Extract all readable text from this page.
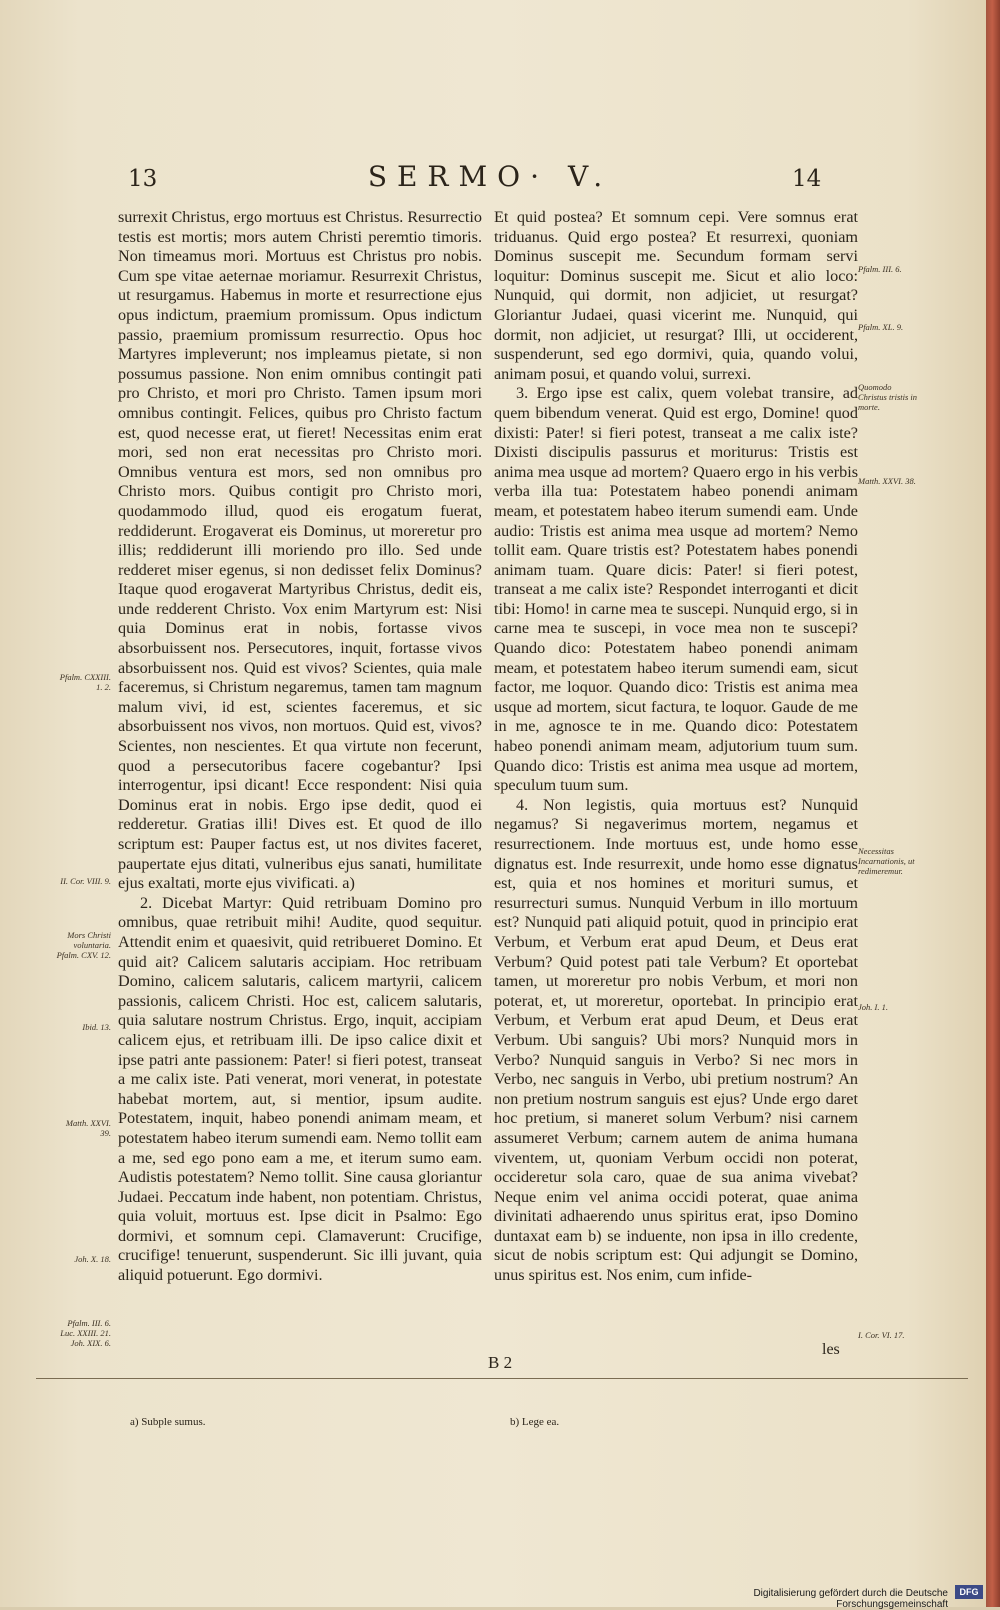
13	SERMO· V.	14

surrexit Christus, ergo mortuus est Christus. Resurrectio testis est mortis; mors autem Christi peremtio timoris. Non timeamus mori. Mortuus est Christus pro nobis. Cum spe vitae aeternae moriamur. Resurrexit Christus, ut resurgamus. Habemus in morte et resurrectione ejus opus indictum, praemium promissum. Opus indictum passio, praemium promissum resurrectio. Opus hoc Martyres impleverunt; nos impleamus pietate, si non possumus passione. Non enim omnibus contingit pati pro Christo, et mori pro Christo. Tamen ipsum mori omnibus contingit. Felices, quibus pro Christo factum est, quod necesse erat, ut fieret! Necessitas enim erat mori, sed non erat necessitas pro Christo mori. Omnibus ventura est mors, sed non omnibus pro Christo mors. Quibus contigit pro Christo mori, quodammodo illud, quod eis erogatum fuerat, reddiderunt. Erogaverat eis Dominus, ut moreretur pro illis; reddiderunt illi moriendo pro illo. Sed unde redderet miser egenus, si non dedisset felix Dominus? Itaque quod erogaverat Martyribus Christus, dedit eis, unde redderent Christo. Vox enim Martyrum est: Nisi quia Dominus erat in nobis, fortasse vivos absorbuissent nos. Persecutores, inquit, fortasse vivos absorbuissent nos. Quid est vivos? Scientes, quia male faceremus, si Christum negaremus, tamen tam magnum malum vivi, id est, scientes faceremus, et sic absorbuissent nos vivos, non mortuos. Quid est, vivos? Scientes, non nescientes. Et qua virtute non fecerunt, quod a persecutoribus facere cogebantur? Ipsi interrogentur, ipsi dicant! Ecce respondent: Nisi quia Dominus erat in nobis. Ergo ipse dedit, quod ei redderetur. Gratias illi! Dives est. Et quod de illo scriptum est: Pauper factus est, ut nos divites faceret, paupertate ejus ditati, vulneribus ejus sanati, humilitate ejus exaltati, morte ejus vivificati. a)

2. Dicebat Martyr: Quid retribuam Domino pro omnibus, quae retribuit mihi! Audite, quod sequitur. Attendit enim et quaesivit, quid retribueret Domino. Et quid ait? Calicem salutaris accipiam. Hoc retribuam Domino, calicem salutaris, calicem martyrii, calicem passionis, calicem Christi. Hoc est, calicem salutaris, quia salutare nostrum Christus. Ergo, inquit, accipiam calicem ejus, et retribuam illi. De ipso calice dixit et ipse patri ante passionem: Pater! si fieri potest, transeat a me calix iste. Pati venerat, mori venerat, in potestate habebat mortem, aut, si mentior, ipsum audite. Potestatem, inquit, habeo ponendi animam meam, et potestatem habeo iterum sumendi eam. Nemo tollit eam a me, sed ego pono eam a me, et iterum sumo eam. Audistis potestatem? Nemo tollit. Sine causa gloriantur Judaei. Peccatum inde habent, non potentiam. Christus, quia voluit, mortuus est. Ipse dicit in Psalmo: Ego dormivi, et somnum cepi. Clamaverunt: Crucifige, crucifige! tenuerunt, suspenderunt. Sic illi juvant, quia aliquid potuerunt. Ego dormivi.

Et quid postea? Et somnum cepi. Vere somnus erat triduanus. Quid ergo postea? Et resurrexi, quoniam Dominus suscepit me. Secundum formam servi loquitur: Dominus suscepit me. Sicut et alio loco: Nunquid, qui dormit, non adjiciet, ut resurgat? Gloriantur Judaei, quasi vicerint me. Nunquid, qui dormit, non adjiciet, ut resurgat? Illi, ut occiderent, suspenderunt, sed ego dormivi, quia, quando volui, animam posui, et quando volui, surrexi.

3. Ergo ipse est calix, quem volebat transire, ad quem bibendum venerat. Quid est ergo, Domine! quod dixisti: Pater! si fieri potest, transeat a me calix iste? Dixisti discipulis passurus et moriturus: Tristis est anima mea usque ad mortem? Quaero ergo in his verbis verba illa tua: Potestatem habeo ponendi animam meam, et potestatem habeo iterum sumendi eam. Unde audio: Tristis est anima mea usque ad mortem? Nemo tollit eam. Quare tristis est? Potestatem habes ponendi animam tuam. Quare dicis: Pater! si fieri potest, transeat a me calix iste? Respondet interroganti et dicit tibi: Homo! in carne mea te suscepi. Nunquid ergo, si in carne mea te suscepi, in voce mea non te suscepi? Quando dico: Potestatem habeo ponendi animam meam, et potestatem habeo iterum sumendi eam, sicut factor, me loquor. Quando dico: Tristis est anima mea usque ad mortem, sicut factura, te loquor. Gaude de me in me, agnosce te in me. Quando dico: Potestatem habeo ponendi animam meam, adjutorium tuum sum. Quando dico: Tristis est anima mea usque ad mortem, speculum tuum sum.

4. Non legistis, quia mortuus est? Nunquid negamus? Si negaverimus mortem, negamus et resurrectionem. Inde mortuus est, unde homo esse dignatus est. Inde resurrexit, unde homo esse dignatus est, quia et nos homines et morituri sumus, et resurrecturi sumus. Nunquid Verbum in illo mortuum est? Nunquid pati aliquid potuit, quod in principio erat Verbum, et Verbum erat apud Deum, et Deus erat Verbum? Quid potest pati tale Verbum? Et oportebat tamen, ut moreretur pro nobis Verbum, et mori non poterat, et, ut moreretur, oportebat. In principio erat Verbum, et Verbum erat apud Deum, et Deus erat Verbum. Ubi sanguis? Ubi mors? Nunquid mors in Verbo? Nunquid sanguis in Verbo? Si nec mors in Verbo, nec sanguis in Verbo, ubi pretium nostrum? An non pretium nostrum sanguis est ejus? Unde ergo daret hoc pretium, si maneret solum Verbum? nisi carnem assumeret Verbum; carnem autem de anima humana viventem, ut, quoniam Verbum occidi non poterat, occideretur sola caro, quae de sua anima vivebat? Neque enim vel anima occidi poterat, quae anima divinitati adhaerendo unus spiritus erat, ipso Domino duntaxat eam b) se induente, non ipsa in illo credente, sicut de nobis scriptum est: Qui adjungit se Domino, unus spiritus est. Nos enim, cum infide-

Pfalm. CXXIII. 1. 2.
II. Cor. VIII. 9.
Mors Christi voluntaria. Pfalm. CXV. 12.
Ibid. 13.
Matth. XXVI. 39.
Joh. X. 18.
Pfalm. III. 6. Luc. XXIII. 21. Joh. XIX. 6.
Pfalm. III. 6.
Pfalm. XL. 9.
Quomodo Christus tristis in morte.
Matth. XXVI. 38.
Necessitas Incarnationis, ut redimeremur.
Joh. I. 1.
I. Cor. VI. 17.
B 2
les
a) Subple sumus.	b) Lege ea.
Digitalisierung gefördert durch die Deutsche Forschungsgemeinschaft
DFG
